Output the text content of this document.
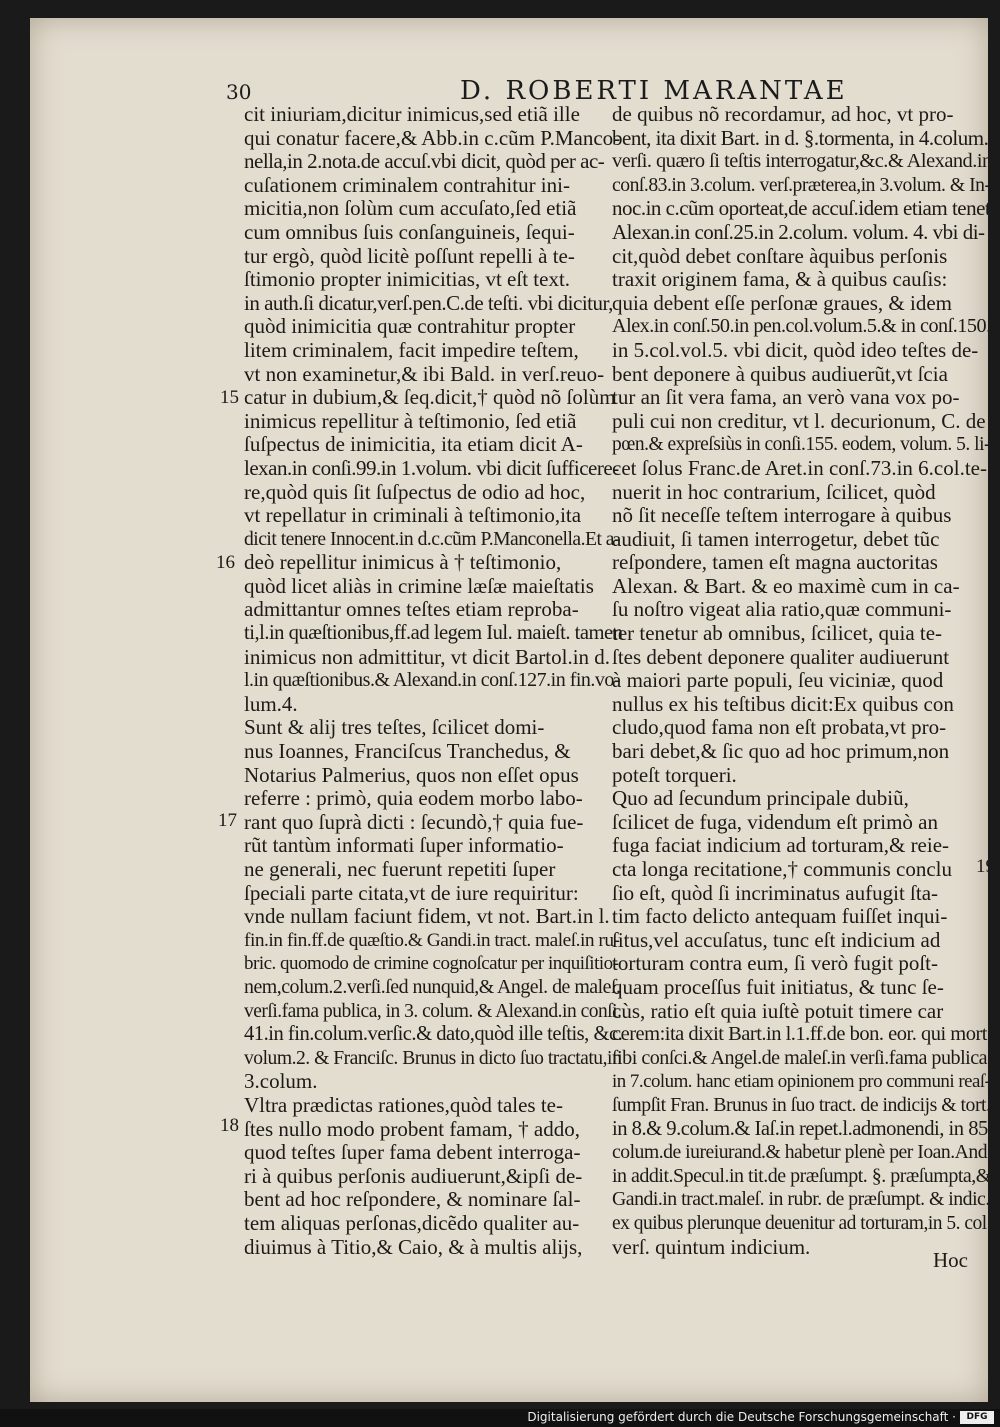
30	D. ROBERTI MARANTAE

cit iniuriam,dicitur inimicus,sed etiã ille

qui conatur facere,& Abb.in c.cũm P.Manco-

nella,in 2.nota.de accuſ.vbi dicit, quòd per ac-

cuſationem criminalem contrahitur ini-

micitia,non ſolùm cum accuſato,ſed etiã

cum omnibus ſuis conſanguineis, ſequi-

tur ergò, quòd licitè poſſunt repelli à te-

ſtimonio propter inimicitias, vt eſt text.

in auth.ſi dicatur,verſ.pen.C.de teſti. vbi dicitur,

quòd inimicitia quæ contrahitur propter

litem criminalem, facit impedire teſtem,

vt non examinetur,& ibi Bald. in verſ.reuo-

catur in dubium,& ſeq.dicit,† quòd nõ ſolùm

inimicus repellitur à teſtimonio, ſed etiã

ſuſpectus de inimicitia, ita etiam dicit A-

lexan.in conſi.99.in 1.volum. vbi dicit ſufficere-

re,quòd quis ſit ſuſpectus de odio ad hoc,

vt repellatur in criminali à teſtimonio,ita

dicit tenere Innocent.in d.c.cũm P.Manconella.Et a-

deò repellitur inimicus à † teſtimonio,

quòd licet aliàs in crimine læſæ maieſtatis

admittantur omnes teſtes etiam reproba-

ti,l.in quæſtionibus,ff.ad legem Iul. maieſt. tamen

inimicus non admittitur, vt dicit Bartol.in d.

l.in quæſtionibus.& Alexand.in conſ.127.in fin.vo-

lum.4.

Sunt & alij tres teſtes, ſcilicet domi-

nus Ioannes, Franciſcus Tranchedus, &

Notarius Palmerius, quos non eſſet opus

referre : primò, quia eodem morbo labo-

rant quo ſuprà dicti : ſecundò,† quia fue-

rũt tantùm informati ſuper informatio-

ne generali, nec fuerunt repetiti ſuper

ſpeciali parte citata,vt de iure requiritur:

vnde nullam faciunt fidem, vt not. Bart.in l.

fin.in fin.ff.de quæſtio.& Gandi.in tract. maleſ.in ru-

bric. quomodo de crimine cognoſcatur per inquiſitio-

nem,colum.2.verſi.ſed nunquid,& Angel. de maleſ.

verſi.fama publica, in 3. colum. & Alexand.in conſi.

41.in fin.colum.verſic.& dato,quòd ille teſtis, &c.

volum.2. & Franciſc. Brunus in dicto ſuo tractatu,in

3.colum.

Vltra prædictas rationes,quòd tales te-

ſtes nullo modo probent famam, † addo,

quod teſtes ſuper fama debent interroga-

ri à quibus perſonis audiuerunt,&ipſi de-

bent ad hoc reſpondere, & nominare ſal-

tem aliquas perſonas,dicẽdo qualiter au-

diuimus à Titio,& Caio, & à multis alijs,

de quibus nõ recordamur, ad hoc, vt pro-

bent, ita dixit Bart. in d. §.tormenta, in 4.colum.

verſi. quæro ſi teſtis interrogatur,&c.& Alexand.in

conſ.83.in 3.colum. verſ.præterea,in 3.volum. & In-

noc.in c.cũm oporteat,de accuſ.idem etiam tenet

Alexan.in conſ.25.in 2.colum. volum. 4. vbi di-

cit,quòd debet conſtare àquibus perſonis

traxit originem fama, & à quibus cauſis:

quia debent eſſe perſonæ graues, & idem

Alex.in conſ.50.in pen.col.volum.5.& in conſ.150.

in 5.col.vol.5. vbi dicit, quòd ideo teſtes de-

bent deponere à quibus audiuerũt,vt ſcia

tur an ſit vera fama, an verò vana vox po-

puli cui non creditur, vt l. decurionum, C. de

pœn.& expreſsiùs in conſi.155. eodem, volum. 5. li-

cet ſolus Franc.de Aret.in conſ.73.in 6.col.te-

nuerit in hoc contrarium, ſcilicet, quòd

nõ ſit neceſſe teſtem interrogare à quibus

audiuit, ſi tamen interrogetur, debet tũc

reſpondere, tamen eſt magna auctoritas

Alexan. & Bart. & eo maximè cum in ca-

ſu noſtro vigeat alia ratio,quæ communi-

ter tenetur ab omnibus, ſcilicet, quia te-

ſtes debent deponere qualiter audiuerunt

à maiori parte populi, ſeu viciniæ, quod

nullus ex his teſtibus dicit:Ex quibus con

cludo,quod fama non eſt probata,vt pro-

bari debet,& ſic quo ad hoc primum,non

poteſt torqueri.

Quo ad ſecundum principale dubiũ,

ſcilicet de fuga, videndum eſt primò an

fuga faciat indicium ad torturam,& reie-

cta longa recitatione,† communis conclu

ſio eſt, quòd ſi incriminatus aufugit ſta-

tim facto delicto antequam fuiſſet inqui-

ſitus,vel accuſatus, tunc eſt indicium ad

torturam contra eum, ſi verò fugit poſt-

quam proceſſus fuit initiatus, & tunc ſe-

cùs, ratio eſt quia iuſtè potuit timere car

cerem:ita dixit Bart.in l.1.ff.de bon. eor. qui mort.

ſibi conſci.& Angel.de maleſ.in verſi.fama publica,

in 7.colum. hanc etiam opinionem pro communi reaſ-

ſumpſit Fran. Brunus in ſuo tract. de indicijs & tort.

in 8.& 9.colum.& Iaſ.in repet.l.admonendi, in 85.

colum.de iureiurand.& habetur plenè per Ioan.And.

in addit.Specul.in tit.de præſumpt. §. præſumpta,&

Gandi.in tract.maleſ. in rubr. de præſumpt. & indic.

ex quibus plerunque deuenitur ad torturam,in 5. col.

verſ. quintum indicium.

15
16
17
18
19
Hoc
Digitalisierung gefördert durch die Deutsche Forschungsgemeinschaft ·	DFG
